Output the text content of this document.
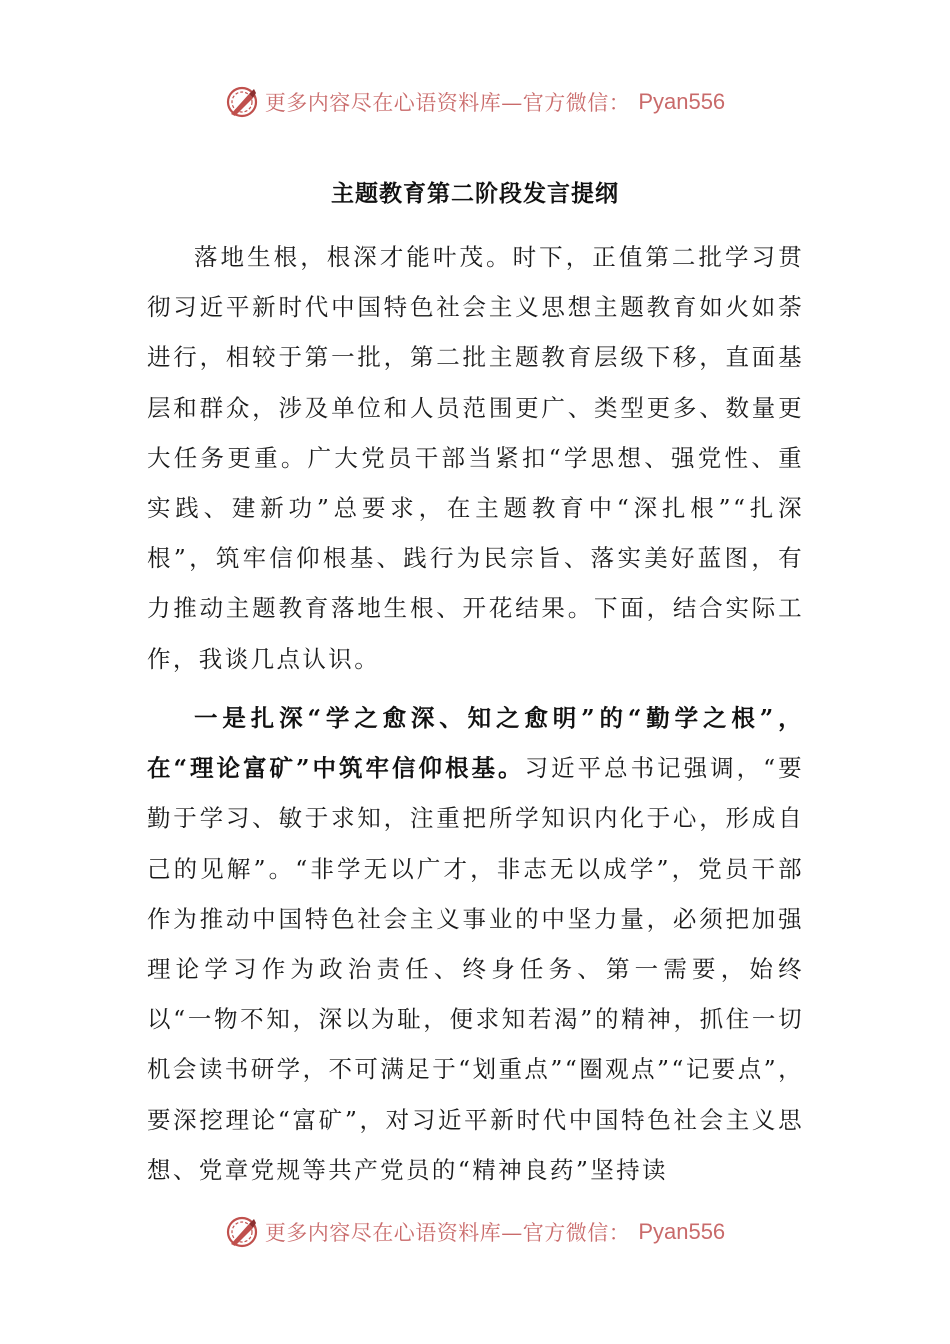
更多内容尽在心语资料库—官方微信： Pyan556
主题教育第二阶段发言提纲

落地生根，根深才能叶茂。时下，正值第二批学习贯彻习近平新时代中国特色社会主义思想主题教育如火如荼进行，相较于第一批，第二批主题教育层级下移，直面基层和群众，涉及单位和人员范围更广、类型更多、数量更大任务更重。广大党员干部当紧扣“学思想、强党性、重实践、建新功”总要求，在主题教育中“深扎根”“扎深根”，筑牢信仰根基、践行为民宗旨、落实美好蓝图，有力推动主题教育落地生根、开花结果。下面，结合实际工作，我谈几点认识。

一是扎深“学之愈深、知之愈明”的“勤学之根”，在“理论富矿”中筑牢信仰根基。习近平总书记强调，“要勤于学习、敏于求知，注重把所学知识内化于心，形成自己的见解”。“非学无以广才，非志无以成学”，党员干部作为推动中国特色社会主义事业的中坚力量，必须把加强理论学习作为政治责任、终身任务、第一需要，始终以“一物不知，深以为耻，便求知若渴”的精神，抓住一切机会读书研学，不可满足于“划重点”“圈观点”“记要点”，要深挖理论“富矿”，对习近平新时代中国特色社会主义思想、党章党规等共产党员的“精神良药”坚持读

更多内容尽在心语资料库—官方微信： Pyan556
